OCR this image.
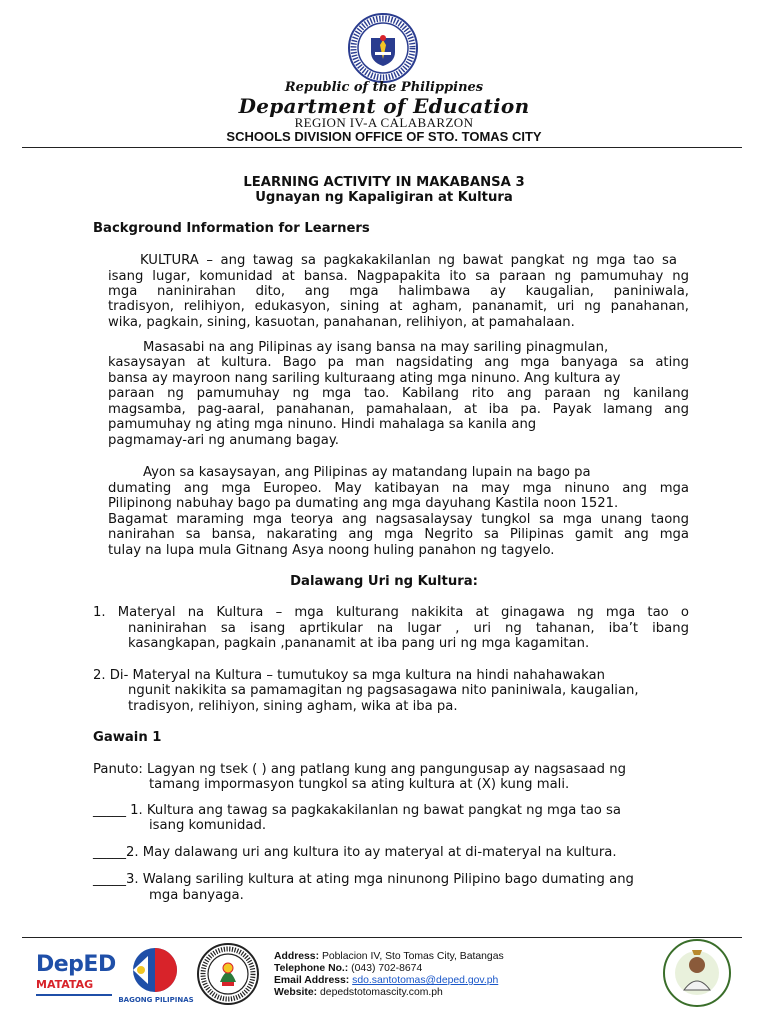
Republic of the Philippines
Department of Education
REGION IV-A CALABARZON
SCHOOLS DIVISION OFFICE OF STO. TOMAS CITY
LEARNING ACTIVITY IN MAKABANSA 3
Ugnayan ng Kapaligiran at Kultura
Background Information for Learners
KULTURA – ang tawag sa pagkakakilanlan ng bawat pangkat ng mga tao sa
isang lugar, komunidad at bansa. Nagpapakita ito sa paraan ng pamumuhay ng
mga naninirahan dito, ang mga halimbawa ay kaugalian, paniniwala,
tradisyon, relihiyon, edukasyon, sining at agham, pananamit, uri ng panahanan,
wika, pagkain, sining, kasuotan, panahanan, relihiyon, at pamahalaan.
Masasabi na ang Pilipinas ay isang bansa na may sariling pinagmulan,
kasaysayan at kultura. Bago pa man nagsidating ang mga banyaga sa ating
bansa ay mayroon nang sariling kulturaang ating mga ninuno. Ang kultura ay
paraan ng pamumuhay ng mga tao. Kabilang rito ang paraan ng kanilang
magsamba, pag-aaral, panahanan, pamahalaan, at iba pa. Payak lamang ang
pamumuhay ng ating mga ninuno. Hindi mahalaga sa kanila ang
pagmamay-ari ng anumang bagay.
Ayon sa kasaysayan, ang Pilipinas ay matandang lupain na bago pa
dumating ang mga Europeo. May katibayan na may mga ninuno ang mga
Pilipinong nabuhay bago pa dumating ang mga dayuhang Kastila noon 1521.
Bagamat maraming mga teorya ang nagsasalaysay tungkol sa mga unang taong
nanirahan sa bansa, nakarating ang mga Negrito sa Pilipinas gamit ang mga
tulay na lupa mula Gitnang Asya noong huling panahon ng tagyelo.
Dalawang Uri ng Kultura:
1. Materyal na Kultura – mga kulturang nakikita at ginagawa ng mga tao o
naninirahan sa isang aprtikular na lugar , uri ng tahanan, iba’t ibang
kasangkapan, pagkain ,pananamit at iba pang uri ng mga kagamitan.
2. Di- Materyal na Kultura – tumutukoy sa mga kultura na hindi nahahawakan
ngunit nakikita sa pamamagitan ng pagsasagawa nito paniniwala, kaugalian,
tradisyon, relihiyon, sining agham, wika at iba pa.
Gawain 1
Panuto: Lagyan ng tsek ( ) ang patlang kung ang pangungusap ay nagsasaad ng
tamang impormasyon tungkol sa ating kultura at (X) kung mali.
_____ 1. Kultura ang tawag sa pagkakakilanlan ng bawat pangkat ng mga tao sa
isang komunidad.
_____2. May dalawang uri ang kultura ito ay materyal at di-materyal na kultura.
_____3. Walang sariling kultura at ating mga ninunong Pilipino bago dumating ang
mga banyaga.
DepED
MATATAG
BAGONG PILIPINAS
Address: Poblacion IV, Sto Tomas City, Batangas
Telephone No.: (043) 702-8674
Email Address: sdo.santotomas@deped.gov.ph
Website: depedstotomascity.com.ph
